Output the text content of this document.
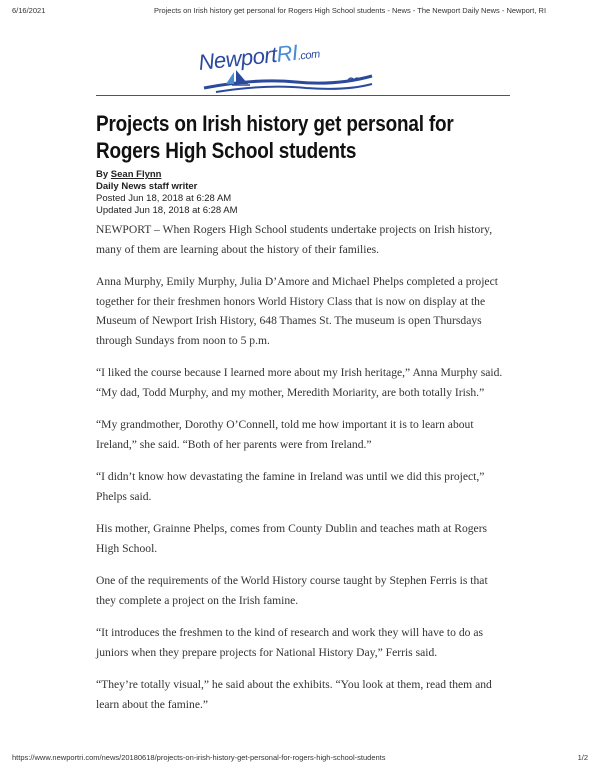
6/16/2021	Projects on Irish history get personal for Rogers High School students - News - The Newport Daily News - Newport, RI
NewportRI.com
Projects on Irish history get personal for Rogers High School students
By Sean Flynn
Daily News staff writer
Posted Jun 18, 2018 at 6:28 AM
Updated Jun 18, 2018 at 6:28 AM

NEWPORT – When Rogers High School students undertake projects on Irish history, many of them are learning about the history of their families.

Anna Murphy, Emily Murphy, Julia D’Amore and Michael Phelps completed a project together for their freshmen honors World History Class that is now on display at the Museum of Newport Irish History, 648 Thames St. The museum is open Thursdays through Sundays from noon to 5 p.m.

“I liked the course because I learned more about my Irish heritage,” Anna Murphy said. “My dad, Todd Murphy, and my mother, Meredith Moriarity, are both totally Irish.”

“My grandmother, Dorothy O’Connell, told me how important it is to learn about Ireland,” she said. “Both of her parents were from Ireland.”

“I didn’t know how devastating the famine in Ireland was until we did this project,” Phelps said.

His mother, Grainne Phelps, comes from County Dublin and teaches math at Rogers High School.

One of the requirements of the World History course taught by Stephen Ferris is that they complete a project on the Irish famine.

“It introduces the freshmen to the kind of research and work they will have to do as juniors when they prepare projects for National History Day,” Ferris said.

“They’re totally visual,” he said about the exhibits. “You look at them, read them and learn about the famine.”

https://www.newportri.com/news/20180618/projects-on-irish-history-get-personal-for-rogers-high-school-students	1/2
